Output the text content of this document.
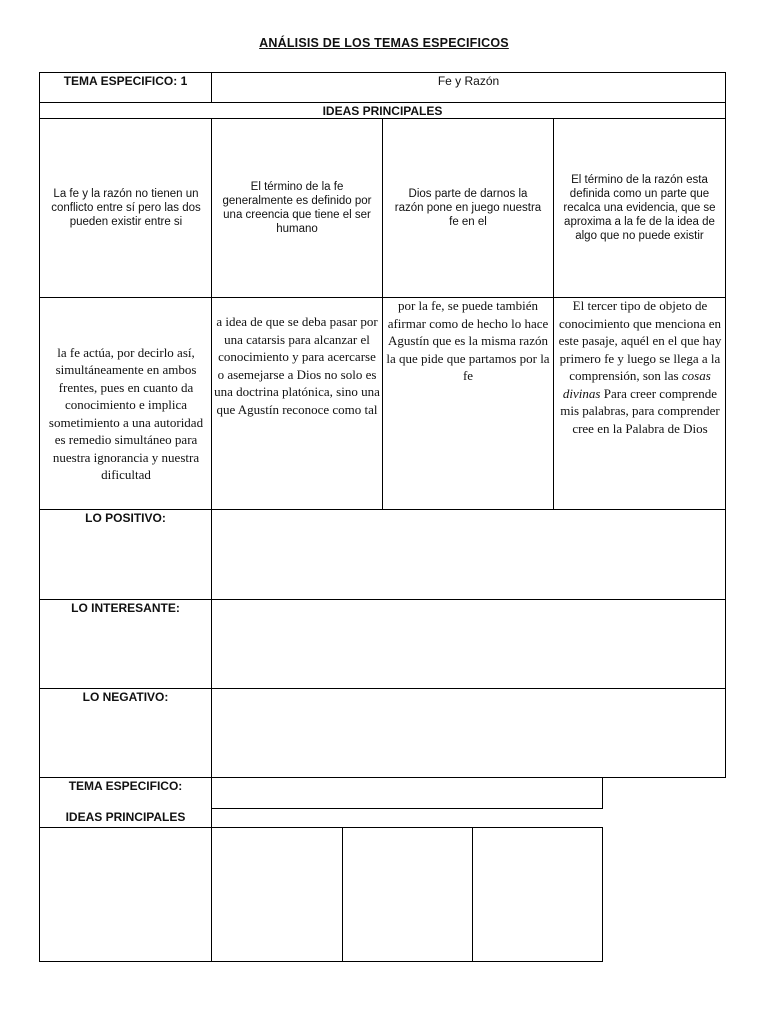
ANÁLISIS DE LOS TEMAS ESPECIFICOS
TEMA ESPECIFICO: 1	Fe y Razón
IDEAS PRINCIPALES
La fe y la razón no tienen un conflicto entre sí pero las dos pueden existir entre si
El término de la fe generalmente es definido por una creencia que tiene el ser humano
Dios parte de darnos la razón pone en juego nuestra fe en el
El término de la razón esta definida como un parte que recalca una evidencia, que se aproxima a la fe de la idea de algo que no puede existir
la fe actúa, por decirlo así, simultáneamente en ambos frentes, pues en cuanto da conocimiento e implica sometimiento a una autoridad es remedio simultáneo para nuestra ignorancia y nuestra dificultad
a idea de que se deba pasar por una catarsis para alcanzar el conocimiento y para acercarse o asemejarse a Dios no solo es una doctrina platónica, sino una que Agustín reconoce como tal
por la fe, se puede también afirmar como de hecho lo hace Agustín que es la misma razón la que pide que partamos por la fe
El tercer tipo de objeto de conocimiento que menciona en este pasaje, aquél en el que hay primero fe y luego se llega a la comprensión, son las cosas divinas Para creer comprende mis palabras, para comprender cree en la Palabra de Dios
LO POSITIVO:
LO INTERESANTE:
LO NEGATIVO:
TEMA ESPECIFICO:
IDEAS PRINCIPALES
